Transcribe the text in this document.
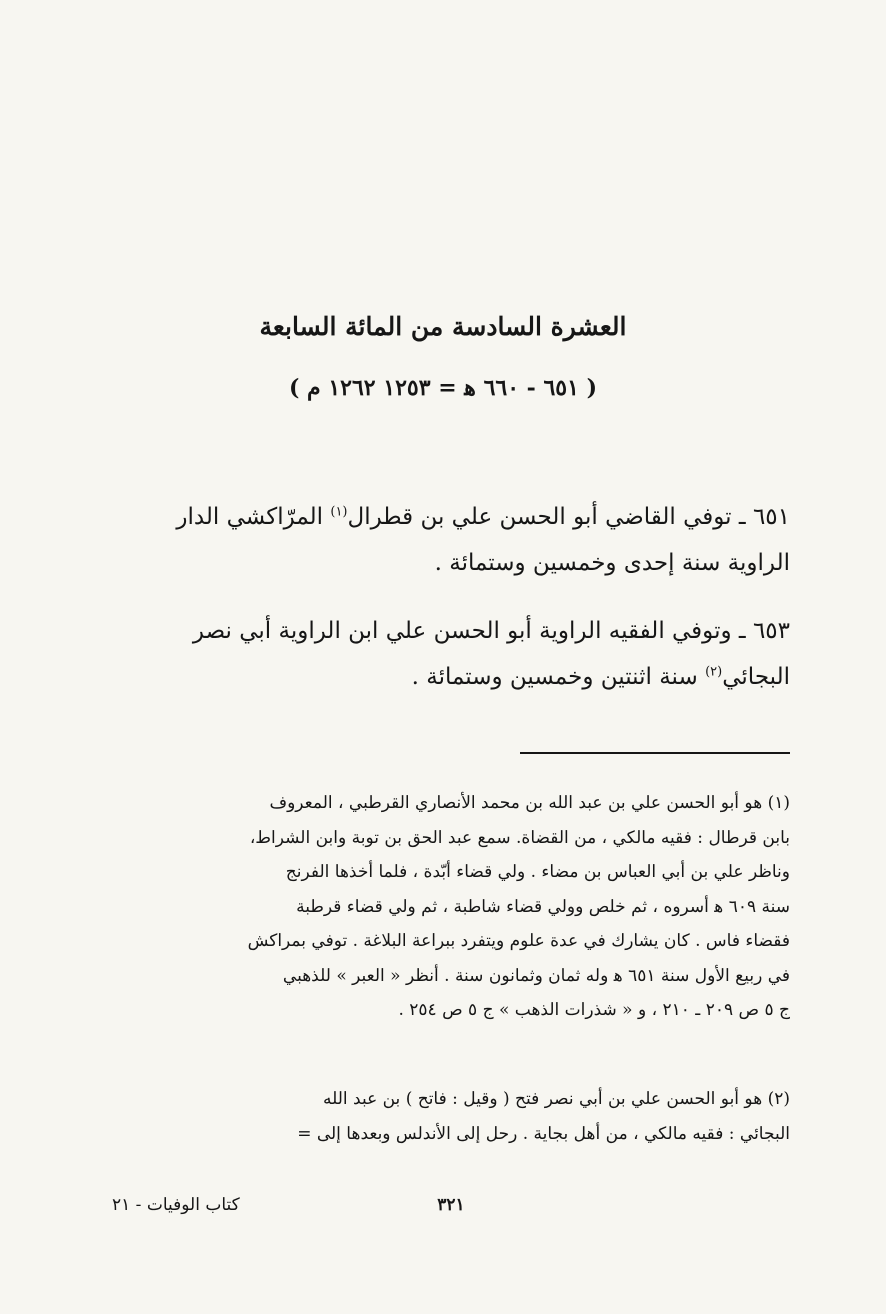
العشرة السادسة من المائة السابعة
( ٦٥١ - ٦٦٠ ﻫ = ١٢٥٣ ١٢٦٢ م )
٦٥١ ـ توفي القاضي أبو الحسن علي بن قطرال$^{(١)}$ المرّاكشي الدار
الراوية سنة إحدى وخمسين وستمائة .
٦٥٣ ـ وتوفي الفقيه الراوية أبو الحسن علي ابن الراوية أبي نصر
البجائي$^{(٢)}$ سنة اثنتين وخمسين وستمائة .
(١) هو أبو الحسن علي بن عبد الله بن محمد الأنصاري القرطبي ، المعروف
بابن قرطال : فقيه مالكي ، من القضاة. سمع عبد الحق بن توبة وابن الشراط،
وناظر علي بن أبي العباس بن مضاء . ولي قضاء أبّدة ، فلما أخذها الفرنج
سنة ٦٠٩ ﻫ أسروه ، ثم خلص وولي قضاء شاطبة ، ثم ولي قضاء قرطبة
فقضاء فاس . كان يشارك في عدة علوم ويتفرد ببراعة البلاغة . توفي بمراكش
في ربيع الأول سنة ٦٥١ ﻫ وله ثمان وثمانون سنة . أنظر « العبر » للذهبي
ج ٥ ص ٢٠٩ ـ ٢١٠ ، و « شذرات الذهب » ج ٥ ص ٢٥٤ .
(٢) هو أبو الحسن علي بن أبي نصر فتح ( وقيل : فاتح ) بن عبد الله
البجائي : فقيه مالكي ، من أهل بجاية . رحل إلى الأندلس وبعدها إلى =
كتاب الوفيات - ٢١	٣٢١
